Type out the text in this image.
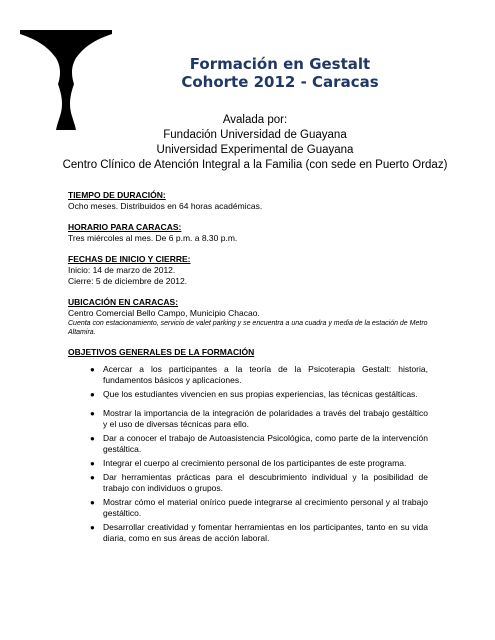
Formación en Gestalt
Cohorte 2012 - Caracas
Avalada por:
Fundación Universidad de Guayana
Universidad Experimental de Guayana
Centro Clínico de Atención Integral a la Familia (con sede en Puerto Ordaz)
TIEMPO DE DURACIÓN:
Ocho meses. Distribuidos en 64 horas académicas.
HORARIO PARA CARACAS:
Tres miércoles al mes. De 6 p.m. a 8.30 p.m.
FECHAS DE INICIO Y CIERRE:
Inicio: 14 de marzo de 2012.
Cierre: 5 de diciembre de 2012.
UBICACIÓN EN CARACAS:
Centro Comercial Bello Campo, Municipio Chacao.
Cuenta con estacionamiento, servicio de valet parking y se encuentra a una cuadra y media de la estación de Metro Altamira.
OBJETIVOS GENERALES DE LA FORMACIÓN
● Acercar a los participantes a la teoría de la Psicoterapia Gestalt: historia, fundamentos básicos y aplicaciones.
● Que los estudiantes vivencien en sus propias experiencias, las técnicas gestálticas.
● Mostrar la importancia de la integración de polaridades a través del trabajo gestáltico y el uso de diversas técnicas para ello.
● Dar a conocer el trabajo de Autoasistencia Psicológica, como parte de la intervención gestáltica.
● Integrar el cuerpo al crecimiento personal de los participantes de este programa.
● Dar herramientas prácticas para el descubrimiento individual y la posibilidad de trabajo con individuos o grupos.
● Mostrar cómo el material onírico puede integrarse al crecimiento personal y al trabajo gestáltico.
● Desarrollar creatividad y fomentar herramientas en los participantes, tanto en su vida diaria, como en sus áreas de acción laboral.
